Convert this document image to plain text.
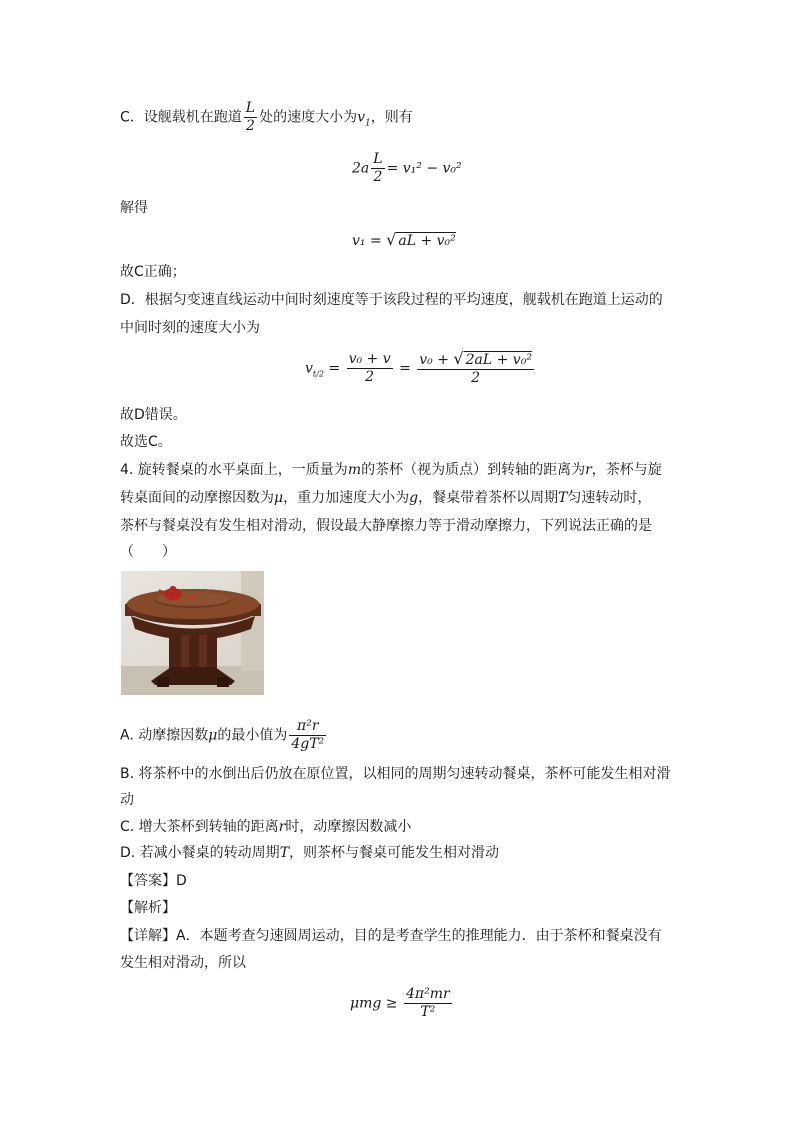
C．设舰载机在跑道 $\frac{L}{2}$ 处的速度大小为$v_1$，则有
$2a \frac{L}{2} = v_1^2 - v_0^2$
解得
v₁ = √ aL + v₀²
故C正确；
D．根据匀变速直线运动中间时刻速度等于该段过程的平均速度，舰载机在跑道上运动的
中间时刻的速度大小为
$v_{t/2} = \frac{\text{v₀ + v}}{2} = \frac{\text{v₀ + √ 2aL + v₀²}}{2}$
故D错误。
故选C。
4. 旋转餐桌的水平桌面上，一质量为m的茶杯（视为质点）到转轴的距离为r，茶杯与旋
转桌面间的动摩擦因数为μ，重力加速度大小为g，餐桌带着茶杯以周期T匀速转动时，
茶杯与餐桌没有发生相对滑动，假设最大静摩擦力等于滑动摩擦力，下列说法正确的是
（　　）
A. 动摩擦因数μ的最小值为 $\frac{\text{π²r}}{\text{4gT²}}$
B. 将茶杯中的水倒出后仍放在原位置，以相同的周期匀速转动餐桌，茶杯可能发生相对滑
动
C. 增大茶杯到转轴的距离r时，动摩擦因数减小
D. 若减小餐桌的转动周期T，则茶杯与餐桌可能发生相对滑动
【答案】D
【解析】
【详解】A．本题考查匀速圆周运动，目的是考查学生的推理能力．由于茶杯和餐桌没有
发生相对滑动，所以
$\mu mg \ge \frac{\text{4π²mr}}{\text{T²}}$
